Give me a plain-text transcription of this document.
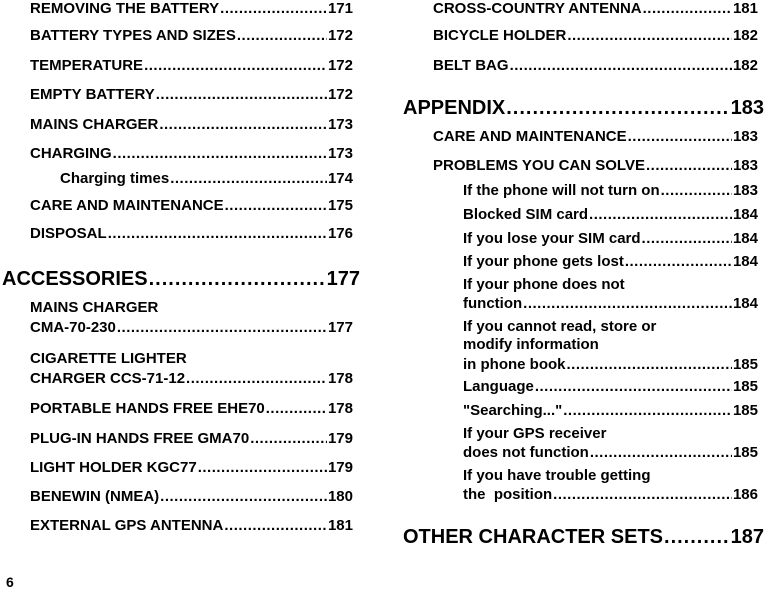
REMOVING THE BATTERY .....	171
BATTERY TYPES AND SIZES .....	172
TEMPERATURE .....	172
EMPTY BATTERY .....	172
MAINS CHARGER .....	173
CHARGING .....	173
Charging times .....	174
CARE AND MAINTENANCE .....	175
DISPOSAL .....	176
ACCESSORIES .....	177
MAINS CHARGER
CMA-70-230 .....	177
CIGARETTE LIGHTER
CHARGER CCS-71-12 .....	178
PORTABLE HANDS FREE EHE70 .....	178
PLUG-IN HANDS FREE GMA70 .....	179
LIGHT HOLDER KGC77 .....	179
BENEWIN (NMEA) .....	180
EXTERNAL GPS ANTENNA .....	181
CROSS-COUNTRY ANTENNA .....	181
BICYCLE HOLDER .....	182
BELT BAG .....	182
APPENDIX .....	183
CARE AND MAINTENANCE .....	183
PROBLEMS YOU CAN SOLVE .....	183
If the phone will not turn on .....	183
Blocked SIM card .....	184
If you lose your SIM card .....	184
If your phone gets lost .....	184
If your phone does not
function .....	184
If you cannot read, store or
modify information
in phone book .....	185
Language .....	185
"Searching..." .....	185
If your GPS receiver
does not function .....	185
If you have trouble getting
the  position .....	186
OTHER CHARACTER SETS .....	187
6
